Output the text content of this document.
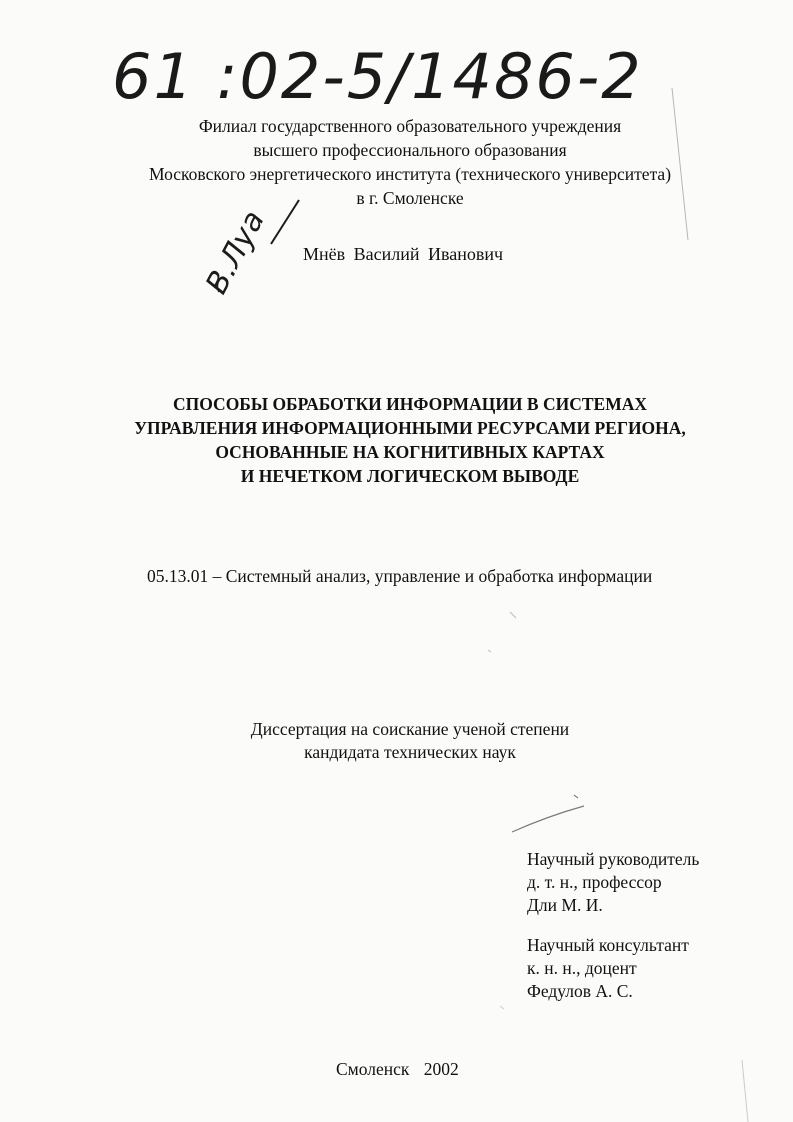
61 :02-5/1486-2
Филиал государственного образовательного учреждения
высшего профессионального образования
Московского энергетического института (технического университета)
в г. Смоленске
В.Луа Мнёв Василий Иванович
СПОСОБЫ ОБРАБОТКИ ИНФОРМАЦИИ В СИСТЕМАХ
УПРАВЛЕНИЯ ИНФОРМАЦИОННЫМИ РЕСУРСАМИ РЕГИОНА,
ОСНОВАННЫЕ НА КОГНИТИВНЫХ КАРТАХ
И НЕЧЕТКОМ ЛОГИЧЕСКОМ ВЫВОДЕ
05.13.01 – Системный анализ, управление и обработка информации
Диссертация на соискание ученой степени
кандидата технических наук
Научный руководитель
д. т. н., профессор
Дли М. И.
Научный консультант
к. н. н., доцент
Федулов А. С.
Смоленск 2002
